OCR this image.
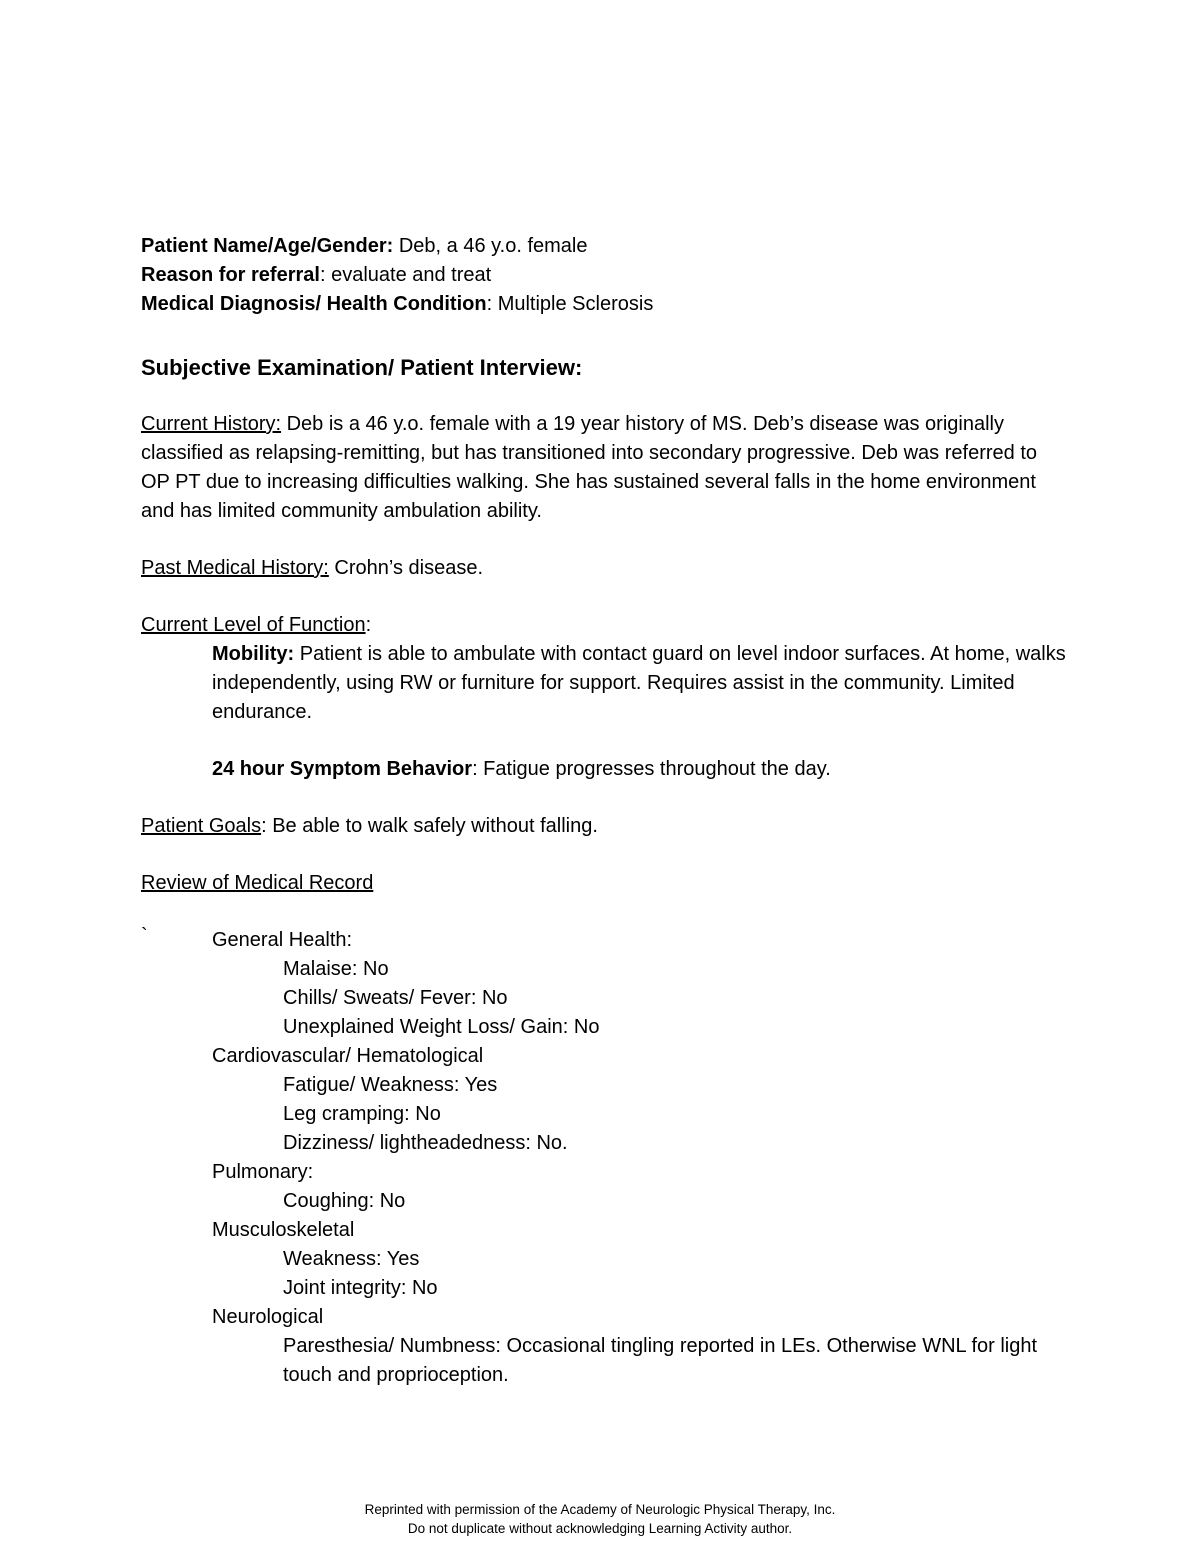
Patient Name/Age/Gender: Deb, a 46 y.o. female
Reason for referral: evaluate and treat
Medical Diagnosis/ Health Condition: Multiple Sclerosis
Subjective Examination/ Patient Interview:
Current History: Deb is a 46 y.o. female with a 19 year history of MS. Deb’s disease was originally classified as relapsing-remitting, but has transitioned into secondary progressive. Deb was referred to OP PT due to increasing difficulties walking. She has sustained several falls in the home environment and has limited community ambulation ability.
Past Medical History: Crohn’s disease.
Current Level of Function:
Mobility: Patient is able to ambulate with contact guard on level indoor surfaces. At home, walks independently, using RW or furniture for support. Requires assist in the community. Limited endurance.
24 hour Symptom Behavior: Fatigue progresses throughout the day.
Patient Goals: Be able to walk safely without falling.
Review of Medical Record
`	General Health:
Malaise: No
Chills/ Sweats/ Fever: No
Unexplained Weight Loss/ Gain: No
Cardiovascular/ Hematological
Fatigue/ Weakness: Yes
Leg cramping: No
Dizziness/ lightheadedness: No.
Pulmonary:
Coughing: No
Musculoskeletal
Weakness: Yes
Joint integrity: No
Neurological
Paresthesia/ Numbness: Occasional tingling reported in LEs. Otherwise WNL for light touch and proprioception.
Reprinted with permission of the Academy of Neurologic Physical Therapy, Inc.
Do not duplicate without acknowledging Learning Activity author.
